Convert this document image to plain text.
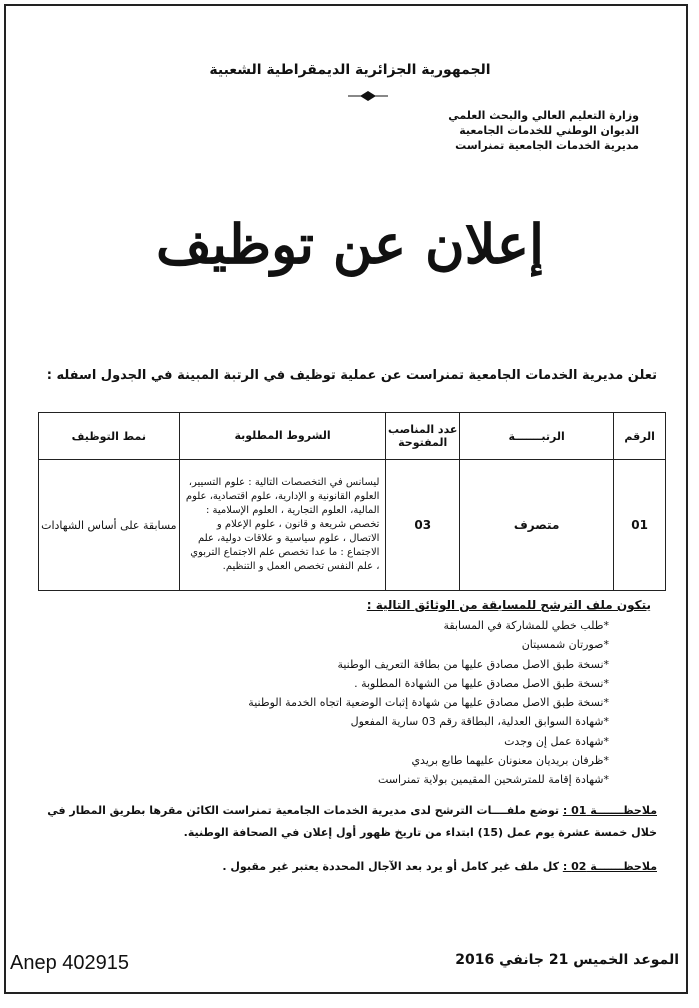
الجمهورية الجزائرية الديمقراطية الشعبية
وزارة التعليم العالي والبحث العلمي
الديوان الوطني للخدمات الجامعية
مديرية الخدمات الجامعية تمنراست
إعلان عن توظيف
تعلن مديرية الخدمات الجامعية تمنراست عن عملية توظيف في الرتبة المبينة في الجدول اسفله :
الرقم	الرتبـــــــة	عدد المناصب المفتوحة	الشروط المطلوبة	نمط التوظيف
01	متصرف	03	ليسانس في التخصصات التالية : علوم التسيير، العلوم القانونية و الإدارية، علوم اقتصادية، علوم المالية، العلوم التجارية ، العلوم الإسلامية : تخصص شريعة و قانون ، علوم الإعلام و الاتصال ، علوم سياسية و علاقات دولية، علم الاجتماع : ما عدا تخصص علم الاجتماع التربوي ، علم النفس تخصص العمل و التنظيم.	مسابقة على أساس الشهادات
يتكون ملف الترشح للمسابقة من الوثائق التالية :
*طلب خطي للمشاركة في المسابقة
*صورتان شمسيتان
*نسخة طبق الاصل مصادق عليها من بطاقة التعريف الوطنية
*نسخة طبق الاصل مصادق عليها من الشهادة المطلوبة .
*نسخة طبق الاصل مصادق عليها من شهادة إثبات الوضعية اتجاه الخدمة الوطنية
*شهادة السوابق العدلية، البطاقة رقم 03 سارية المفعول
*شهادة عمل إن وجدت
*ظرفان بريديان معنونان عليهما طابع بريدي
*شهادة إقامة للمترشحين المقيمين بولاية تمنراست
ملاحظـــــــة 01 : توضع ملفــــات الترشح لدى مديرية الخدمات الجامعية تمنراست الكائن مقرها بطريق المطار في خلال خمسة عشرة يوم عمل (15) ابتداء من تاريخ ظهور أول إعلان في الصحافة الوطنية.
ملاحظـــــــة 02 : كل ملف غير كامل أو يرد بعد الآجال المحددة يعتبر غير مقبول .
الموعد الخميس 21 جانفي 2016
Anep 402915
